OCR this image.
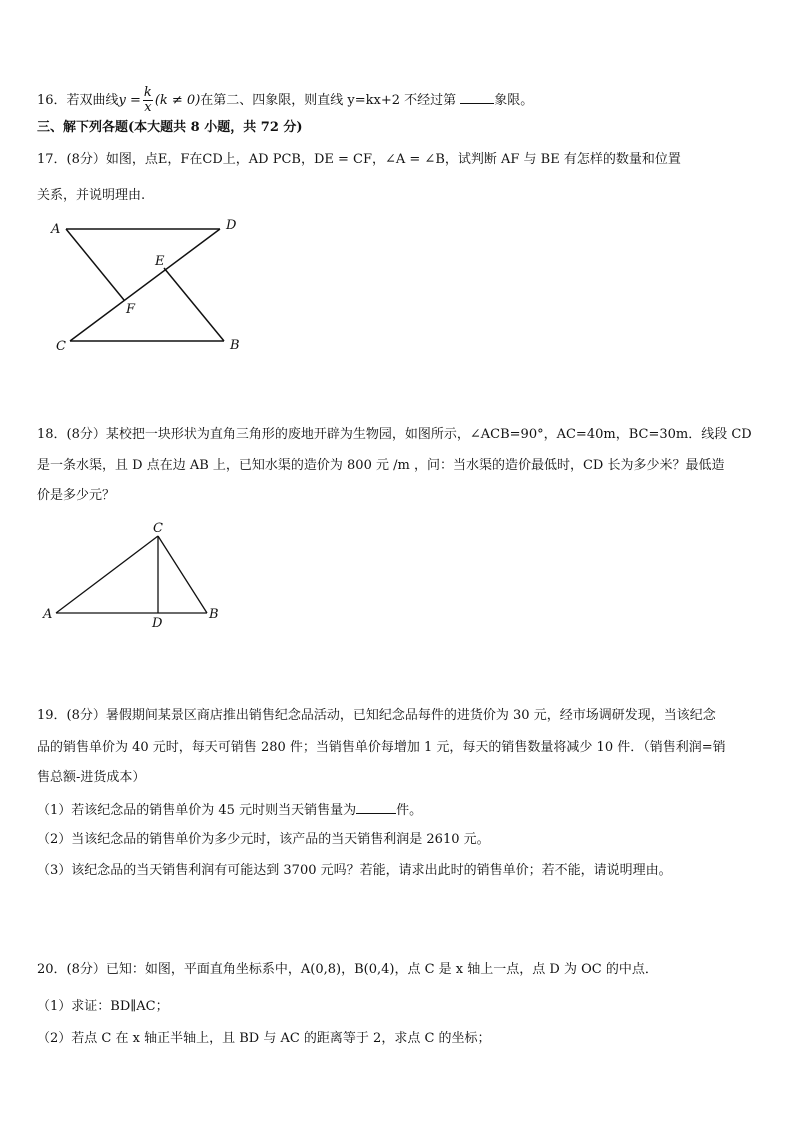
16．若双曲线$y = \frac{k}{x} (k \ne 0)$在第二、四象限，则直线 y=kx+2 不经过第	象限。
三、解下列各题(本大题共 8 小题，共 72 分)
17．(8分）如图，点E，F在CD上，AD PCB，DE = CF，∠A = ∠B，试判断 AF 与 BE 有怎样的数量和位置
关系，并说明理由.
A	D
E
F
C	B
18．(8分）某校把一块形状为直角三角形的废地开辟为生物园，如图所示，∠ACB=90°，AC=40m，BC=30m．线段 CD
是一条水渠，且 D 点在边 AB 上，已知水渠的造价为 800 元 /m ，问：当水渠的造价最低时，CD 长为多少米？最低造
价是多少元？
C
A
D
B
19．(8分）暑假期间某景区商店推出销售纪念品活动，已知纪念品每件的进货价为 30 元，经市场调研发现，当该纪念
品的销售单价为 40 元时，每天可销售 280 件；当销售单价每增加 1 元，每天的销售数量将减少 10 件．（销售利润=销
售总额-进货成本）
（1）若该纪念品的销售单价为 45 元时则当天销售量为	件。
（2）当该纪念品的销售单价为多少元时，该产品的当天销售利润是 2610 元。
（3）该纪念品的当天销售利润有可能达到 3700 元吗？若能，请求出此时的销售单价；若不能，请说明理由。
20．(8分）已知：如图，平面直角坐标系中，A(0,8)，B(0,4)，点 C 是 x 轴上一点，点 D 为 OC 的中点．
（1）求证：BD∥AC；
（2）若点 C 在 x 轴正半轴上，且 BD 与 AC 的距离等于 2，求点 C 的坐标；
